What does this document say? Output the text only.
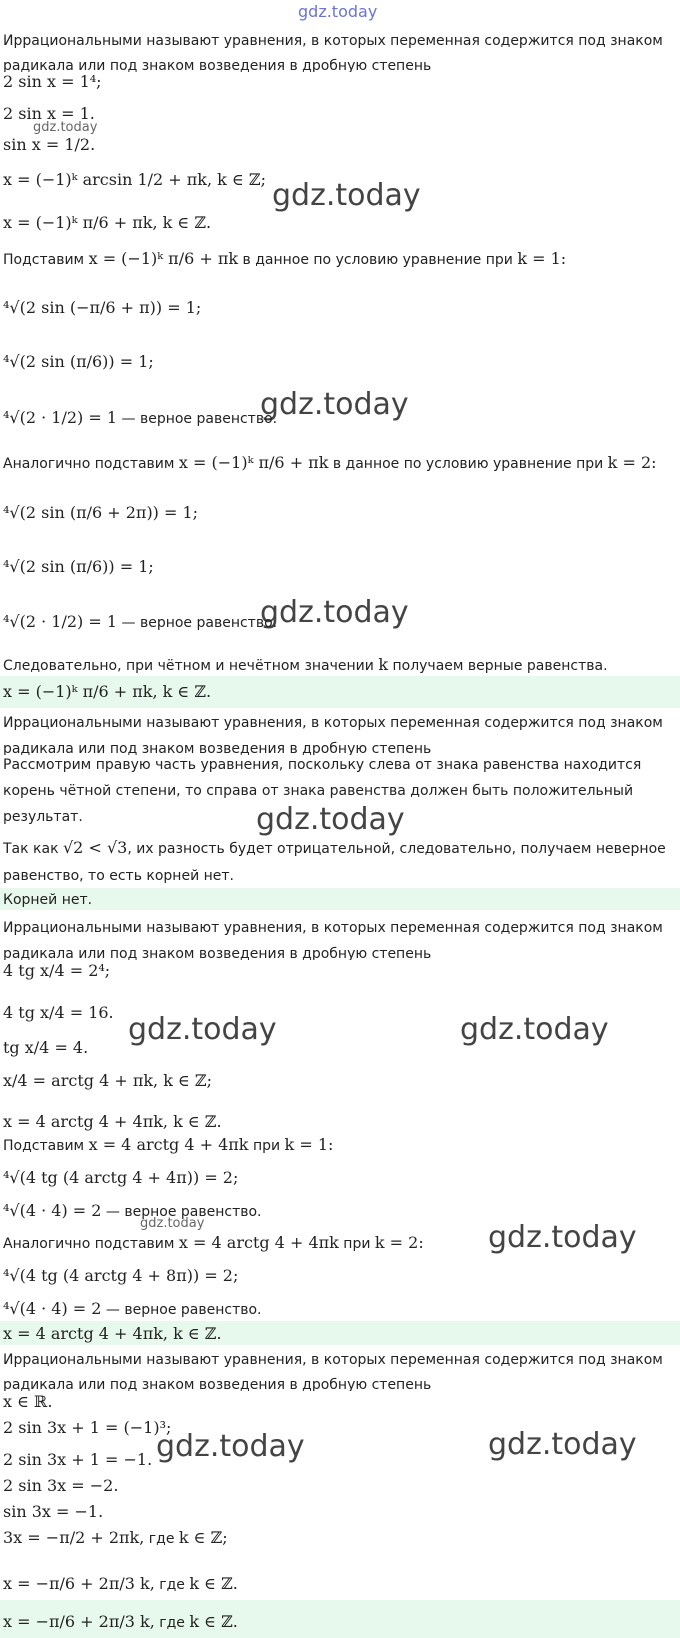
gdz.today
gdz.today
gdz.today
gdz.today
gdz.today
gdz.today
gdz.today
gdz.today	gdz.today
gdz.today
gdz.today	gdz.today
Иррациональными называют уравнения, в которых переменная содержится под знаком
радикала или под знаком возведения в дробную степень
2 sin x = 1⁴;
2 sin x = 1.
sin x = 1/2.
x = (−1)ᵏ arcsin 1/2 + πk, k ∈ ℤ;
x = (−1)ᵏ π/6 + πk, k ∈ ℤ.
Подставим x = (−1)ᵏ π/6 + πk в данное по условию уравнение при k = 1:
⁴√(2 sin (−π/6 + π)) = 1;
⁴√(2 sin (π/6)) = 1;
⁴√(2 · 1/2) = 1 — верное равенство.
Аналогично подставим x = (−1)ᵏ π/6 + πk в данное по условию уравнение при k = 2:
⁴√(2 sin (π/6 + 2π)) = 1;
⁴√(2 sin (π/6)) = 1;
⁴√(2 · 1/2) = 1 — верное равенство.
Следовательно, при чётном и нечётном значении k получаем верные равенства.
x = (−1)ᵏ π/6 + πk, k ∈ ℤ.
Иррациональными называют уравнения, в которых переменная содержится под знаком
радикала или под знаком возведения в дробную степень
Рассмотрим правую часть уравнения, поскольку слева от знака равенства находится
корень чётной степени, то справа от знака равенства должен быть положительный
результат.
Так как √2 < √3, их разность будет отрицательной, следовательно, получаем неверное
равенство, то есть корней нет.
Корней нет.
Иррациональными называют уравнения, в которых переменная содержится под знаком
радикала или под знаком возведения в дробную степень
4 tg x/4 = 2⁴;
4 tg x/4 = 16.
tg x/4 = 4.
x/4 = arctg 4 + πk, k ∈ ℤ;
x = 4 arctg 4 + 4πk, k ∈ ℤ.
Подставим x = 4 arctg 4 + 4πk при k = 1:
⁴√(4 tg (4 arctg 4 + 4π)) = 2;
⁴√(4 · 4) = 2 — верное равенство.
Аналогично подставим x = 4 arctg 4 + 4πk при k = 2:
⁴√(4 tg (4 arctg 4 + 8π)) = 2;
⁴√(4 · 4) = 2 — верное равенство.
x = 4 arctg 4 + 4πk, k ∈ ℤ.
Иррациональными называют уравнения, в которых переменная содержится под знаком
радикала или под знаком возведения в дробную степень
x ∈ ℝ.
2 sin 3x + 1 = (−1)³;
2 sin 3x + 1 = −1.
2 sin 3x = −2.
sin 3x = −1.
3x = −π/2 + 2πk, где k ∈ ℤ;
x = −π/6 + 2π/3 k, где k ∈ ℤ.
x = −π/6 + 2π/3 k, где k ∈ ℤ.
